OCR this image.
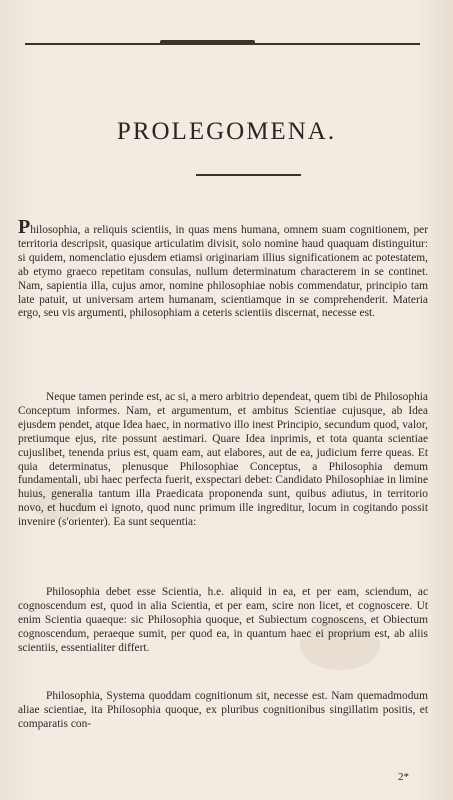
PROLEGOMENA.

Philosophia, a reliquis scientiis, in quas mens humana, omnem suam cognitionem, per territoria descripsit, quasique articulatim divisit, solo nomine haud quaquam distinguitur: si quidem, nomenclatio ejusdem etiamsi originariam illius significationem ac potestatem, ab etymo graeco repetitam consulas, nullum determinatum characterem in se continet. Nam, sapientia illa, cujus amor, nomine philosophiae nobis commendatur, principio tam late patuit, ut universam artem humanam, scientiamque in se comprehenderit. Materia ergo, seu vis argumenti, philosophiam a ceteris scientiis discernat, necesse est.

Neque tamen perinde est, ac si, a mero arbitrio dependeat, quem tibi de Philosophia Conceptum informes. Nam, et argumentum, et ambitus Scientiae cujusque, ab Idea ejusdem pendet, atque Idea haec, in normativo illo inest Principio, secundum quod, valor, pretiumque ejus, rite possunt aestimari. Quare Idea inprimis, et tota quanta scientiae cujuslibet, tenenda prius est, quam eam, aut elabores, aut de ea, judicium ferre queas. Et quia determinatus, plenusque Philosophiae Conceptus, a Philosophia demum fundamentali, ubi haec perfecta fuerit, exspectari debet: Candidato Philosophiae in limine huius, generalia tantum illa Praedicata proponenda sunt, quibus adiutus, in territorio novo, et hucdum ei ignoto, quod nunc primum ille ingreditur, locum in cogitando possit invenire (s'orienter). Ea sunt sequentia:

Philosophia debet esse Scientia, h.e. aliquid in ea, et per eam, sciendum, ac cognoscendum est, quod in alia Scientia, et per eam, scire non licet, et cognoscere. Ut enim Scientia quaeque: sic Philosophia quoque, et Subiectum cognoscens, et Obiectum cognoscendum, peraeque sumit, per quod ea, in quantum haec ei proprium est, ab aliis scientiis, essentialiter differt.

Philosophia, Systema quoddam cognitionum sit, necesse est. Nam quemadmodum aliae scientiae, ita Philosophia quoque, ex pluribus cognitionibus singillatim positis, et comparatis con-

2*
